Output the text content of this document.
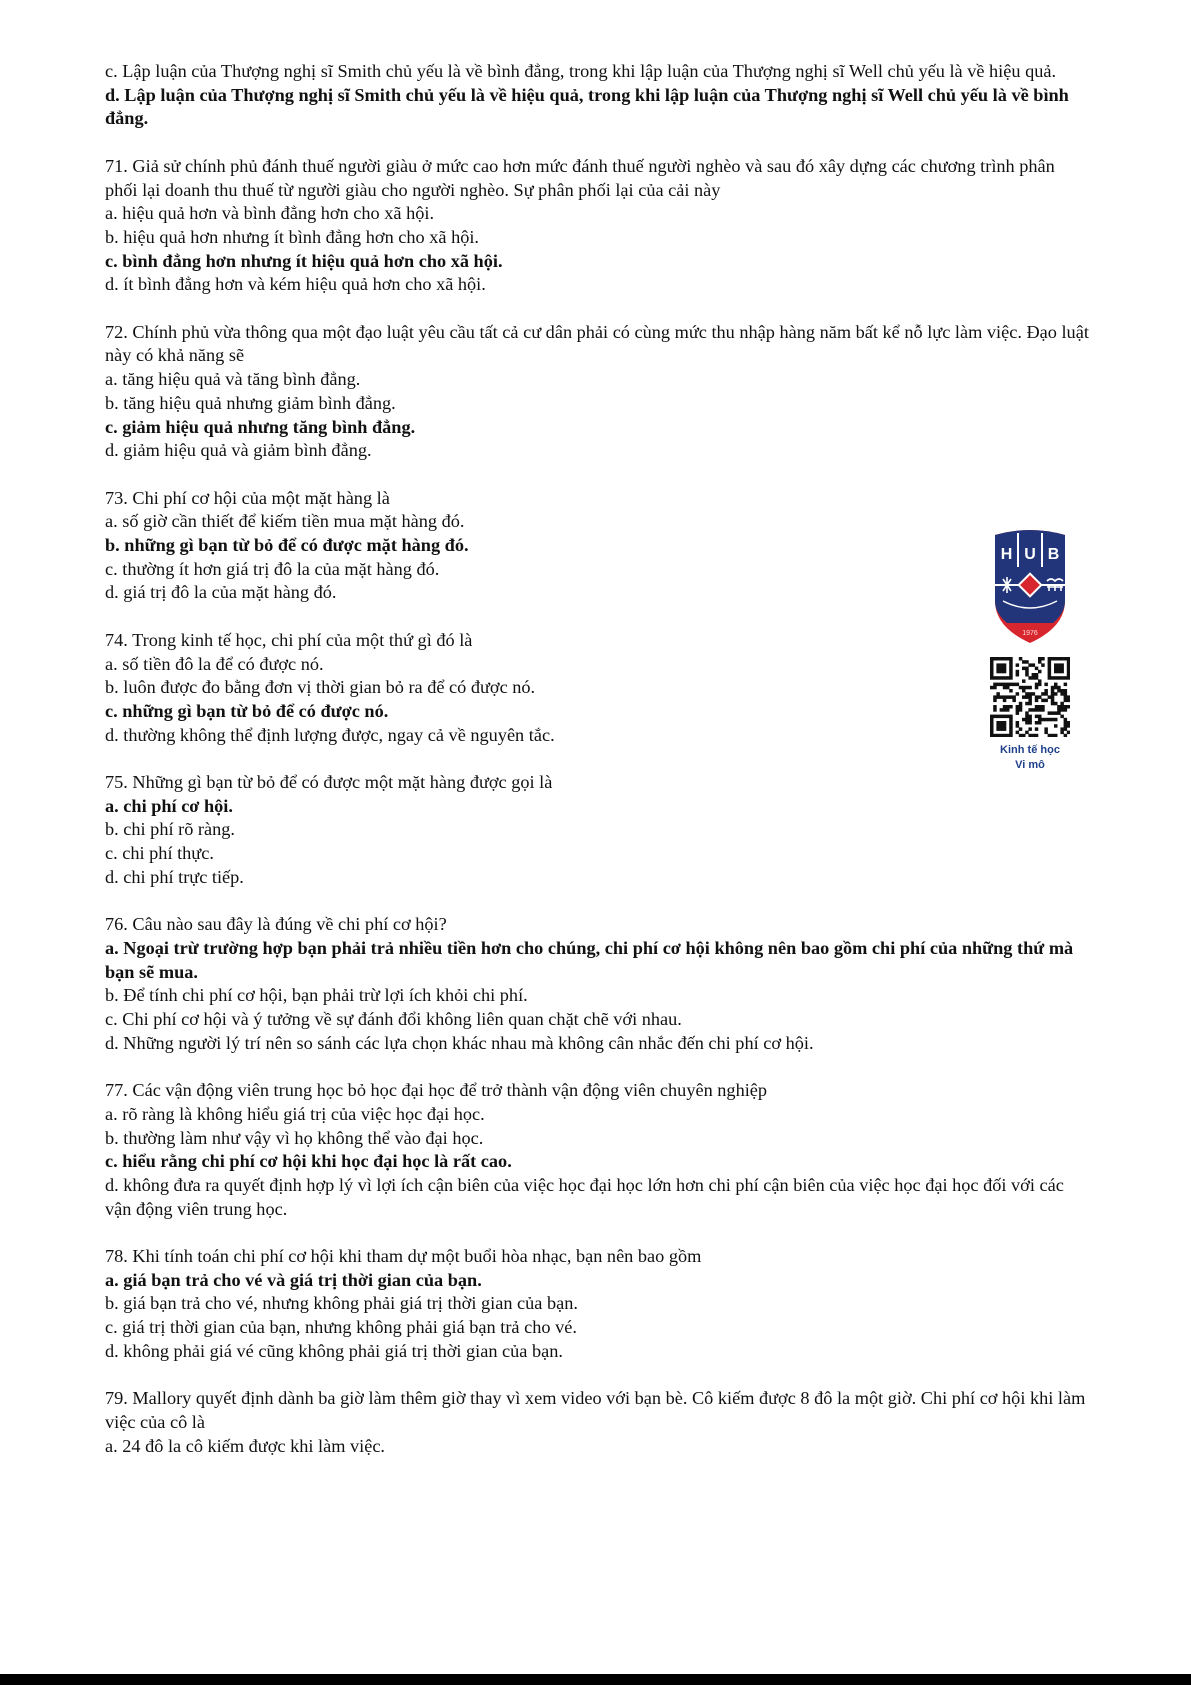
c. Lập luận của Thượng nghị sĩ Smith chủ yếu là về bình đẳng, trong khi lập luận của Thượng nghị sĩ Well chủ yếu là về hiệu quả.
d. Lập luận của Thượng nghị sĩ Smith chủ yếu là về hiệu quả, trong khi lập luận của Thượng nghị sĩ Well chủ yếu là về bình đẳng.
71. Giả sử chính phủ đánh thuế người giàu ở mức cao hơn mức đánh thuế người nghèo và sau đó xây dựng các chương trình phân phối lại doanh thu thuế từ người giàu cho người nghèo. Sự phân phối lại của cải này
a. hiệu quả hơn và bình đẳng hơn cho xã hội.
b. hiệu quả hơn nhưng ít bình đẳng hơn cho xã hội.
c. bình đẳng hơn nhưng ít hiệu quả hơn cho xã hội.
d. ít bình đẳng hơn và kém hiệu quả hơn cho xã hội.
72. Chính phủ vừa thông qua một đạo luật yêu cầu tất cả cư dân phải có cùng mức thu nhập hàng năm bất kể nỗ lực làm việc. Đạo luật này có khả năng sẽ
a. tăng hiệu quả và tăng bình đẳng.
b. tăng hiệu quả nhưng giảm bình đẳng.
c. giảm hiệu quả nhưng tăng bình đẳng.
d. giảm hiệu quả và giảm bình đẳng.
73. Chi phí cơ hội của một mặt hàng là
a. số giờ cần thiết để kiếm tiền mua mặt hàng đó.
b. những gì bạn từ bỏ để có được mặt hàng đó.
c. thường ít hơn giá trị đô la của mặt hàng đó.
d. giá trị đô la của mặt hàng đó.
74. Trong kinh tế học, chi phí của một thứ gì đó là
a. số tiền đô la để có được nó.
b. luôn được đo bằng đơn vị thời gian bỏ ra để có được nó.
c. những gì bạn từ bỏ để có được nó.
d. thường không thể định lượng được, ngay cả về nguyên tắc.
75. Những gì bạn từ bỏ để có được một mặt hàng được gọi là
a. chi phí cơ hội.
b. chi phí rõ ràng.
c. chi phí thực.
d. chi phí trực tiếp.
76. Câu nào sau đây là đúng về chi phí cơ hội?
a. Ngoại trừ trường hợp bạn phải trả nhiều tiền hơn cho chúng, chi phí cơ hội không nên bao gồm chi phí của những thứ mà bạn sẽ mua.
b. Để tính chi phí cơ hội, bạn phải trừ lợi ích khỏi chi phí.
c. Chi phí cơ hội và ý tưởng về sự đánh đổi không liên quan chặt chẽ với nhau.
d. Những người lý trí nên so sánh các lựa chọn khác nhau mà không cân nhắc đến chi phí cơ hội.
77. Các vận động viên trung học bỏ học đại học để trở thành vận động viên chuyên nghiệp
a. rõ ràng là không hiểu giá trị của việc học đại học.
b. thường làm như vậy vì họ không thể vào đại học.
c. hiểu rằng chi phí cơ hội khi học đại học là rất cao.
d. không đưa ra quyết định hợp lý vì lợi ích cận biên của việc học đại học lớn hơn chi phí cận biên của việc học đại học đối với các vận động viên trung học.
78. Khi tính toán chi phí cơ hội khi tham dự một buổi hòa nhạc, bạn nên bao gồm
a. giá bạn trả cho vé và giá trị thời gian của bạn.
b. giá bạn trả cho vé, nhưng không phải giá trị thời gian của bạn.
c. giá trị thời gian của bạn, nhưng không phải giá bạn trả cho vé.
d. không phải giá vé cũng không phải giá trị thời gian của bạn.
79. Mallory quyết định dành ba giờ làm thêm giờ thay vì xem video với bạn bè. Cô kiếm được 8 đô la một giờ. Chi phí cơ hội khi làm việc của cô là
a. 24 đô la cô kiếm được khi làm việc.
H U B
1976
Kinh tế học
Vi mô
